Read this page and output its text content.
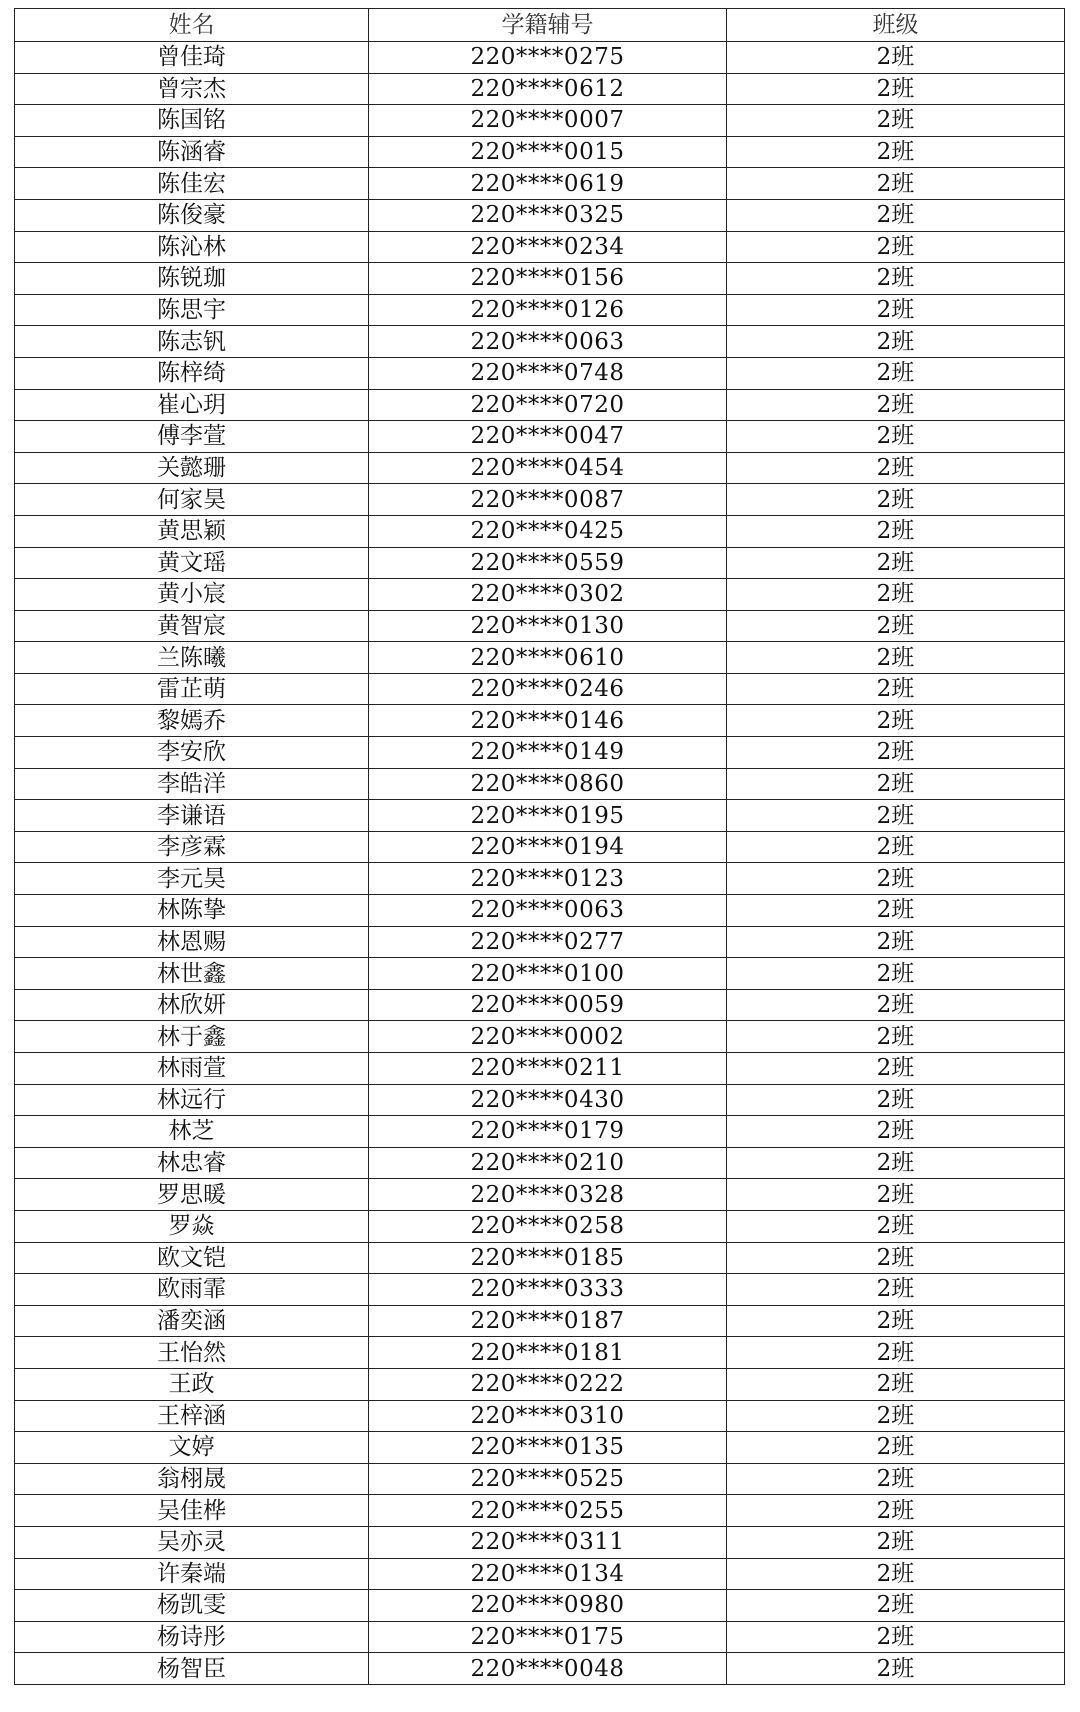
姓名	学籍辅号	班级
曾佳琦	220****0275	2班
曾宗杰	220****0612	2班
陈国铭	220****0007	2班
陈涵睿	220****0015	2班
陈佳宏	220****0619	2班
陈俊豪	220****0325	2班
陈沁林	220****0234	2班
陈锐珈	220****0156	2班
陈思宇	220****0126	2班
陈志钒	220****0063	2班
陈梓绮	220****0748	2班
崔心玥	220****0720	2班
傅李萱	220****0047	2班
关懿珊	220****0454	2班
何家昊	220****0087	2班
黄思颖	220****0425	2班
黄文瑶	220****0559	2班
黄小宸	220****0302	2班
黄智宸	220****0130	2班
兰陈曦	220****0610	2班
雷芷萌	220****0246	2班
黎嫣乔	220****0146	2班
李安欣	220****0149	2班
李皓洋	220****0860	2班
李谦语	220****0195	2班
李彦霖	220****0194	2班
李元昊	220****0123	2班
林陈挚	220****0063	2班
林恩赐	220****0277	2班
林世鑫	220****0100	2班
林欣妍	220****0059	2班
林于鑫	220****0002	2班
林雨萱	220****0211	2班
林远行	220****0430	2班
林芝	220****0179	2班
林忠睿	220****0210	2班
罗思暖	220****0328	2班
罗焱	220****0258	2班
欧文铠	220****0185	2班
欧雨霏	220****0333	2班
潘奕涵	220****0187	2班
王怡然	220****0181	2班
王政	220****0222	2班
王梓涵	220****0310	2班
文婷	220****0135	2班
翁栩晟	220****0525	2班
吴佳桦	220****0255	2班
吴亦灵	220****0311	2班
许秦端	220****0134	2班
杨凯雯	220****0980	2班
杨诗彤	220****0175	2班
杨智臣	220****0048	2班
